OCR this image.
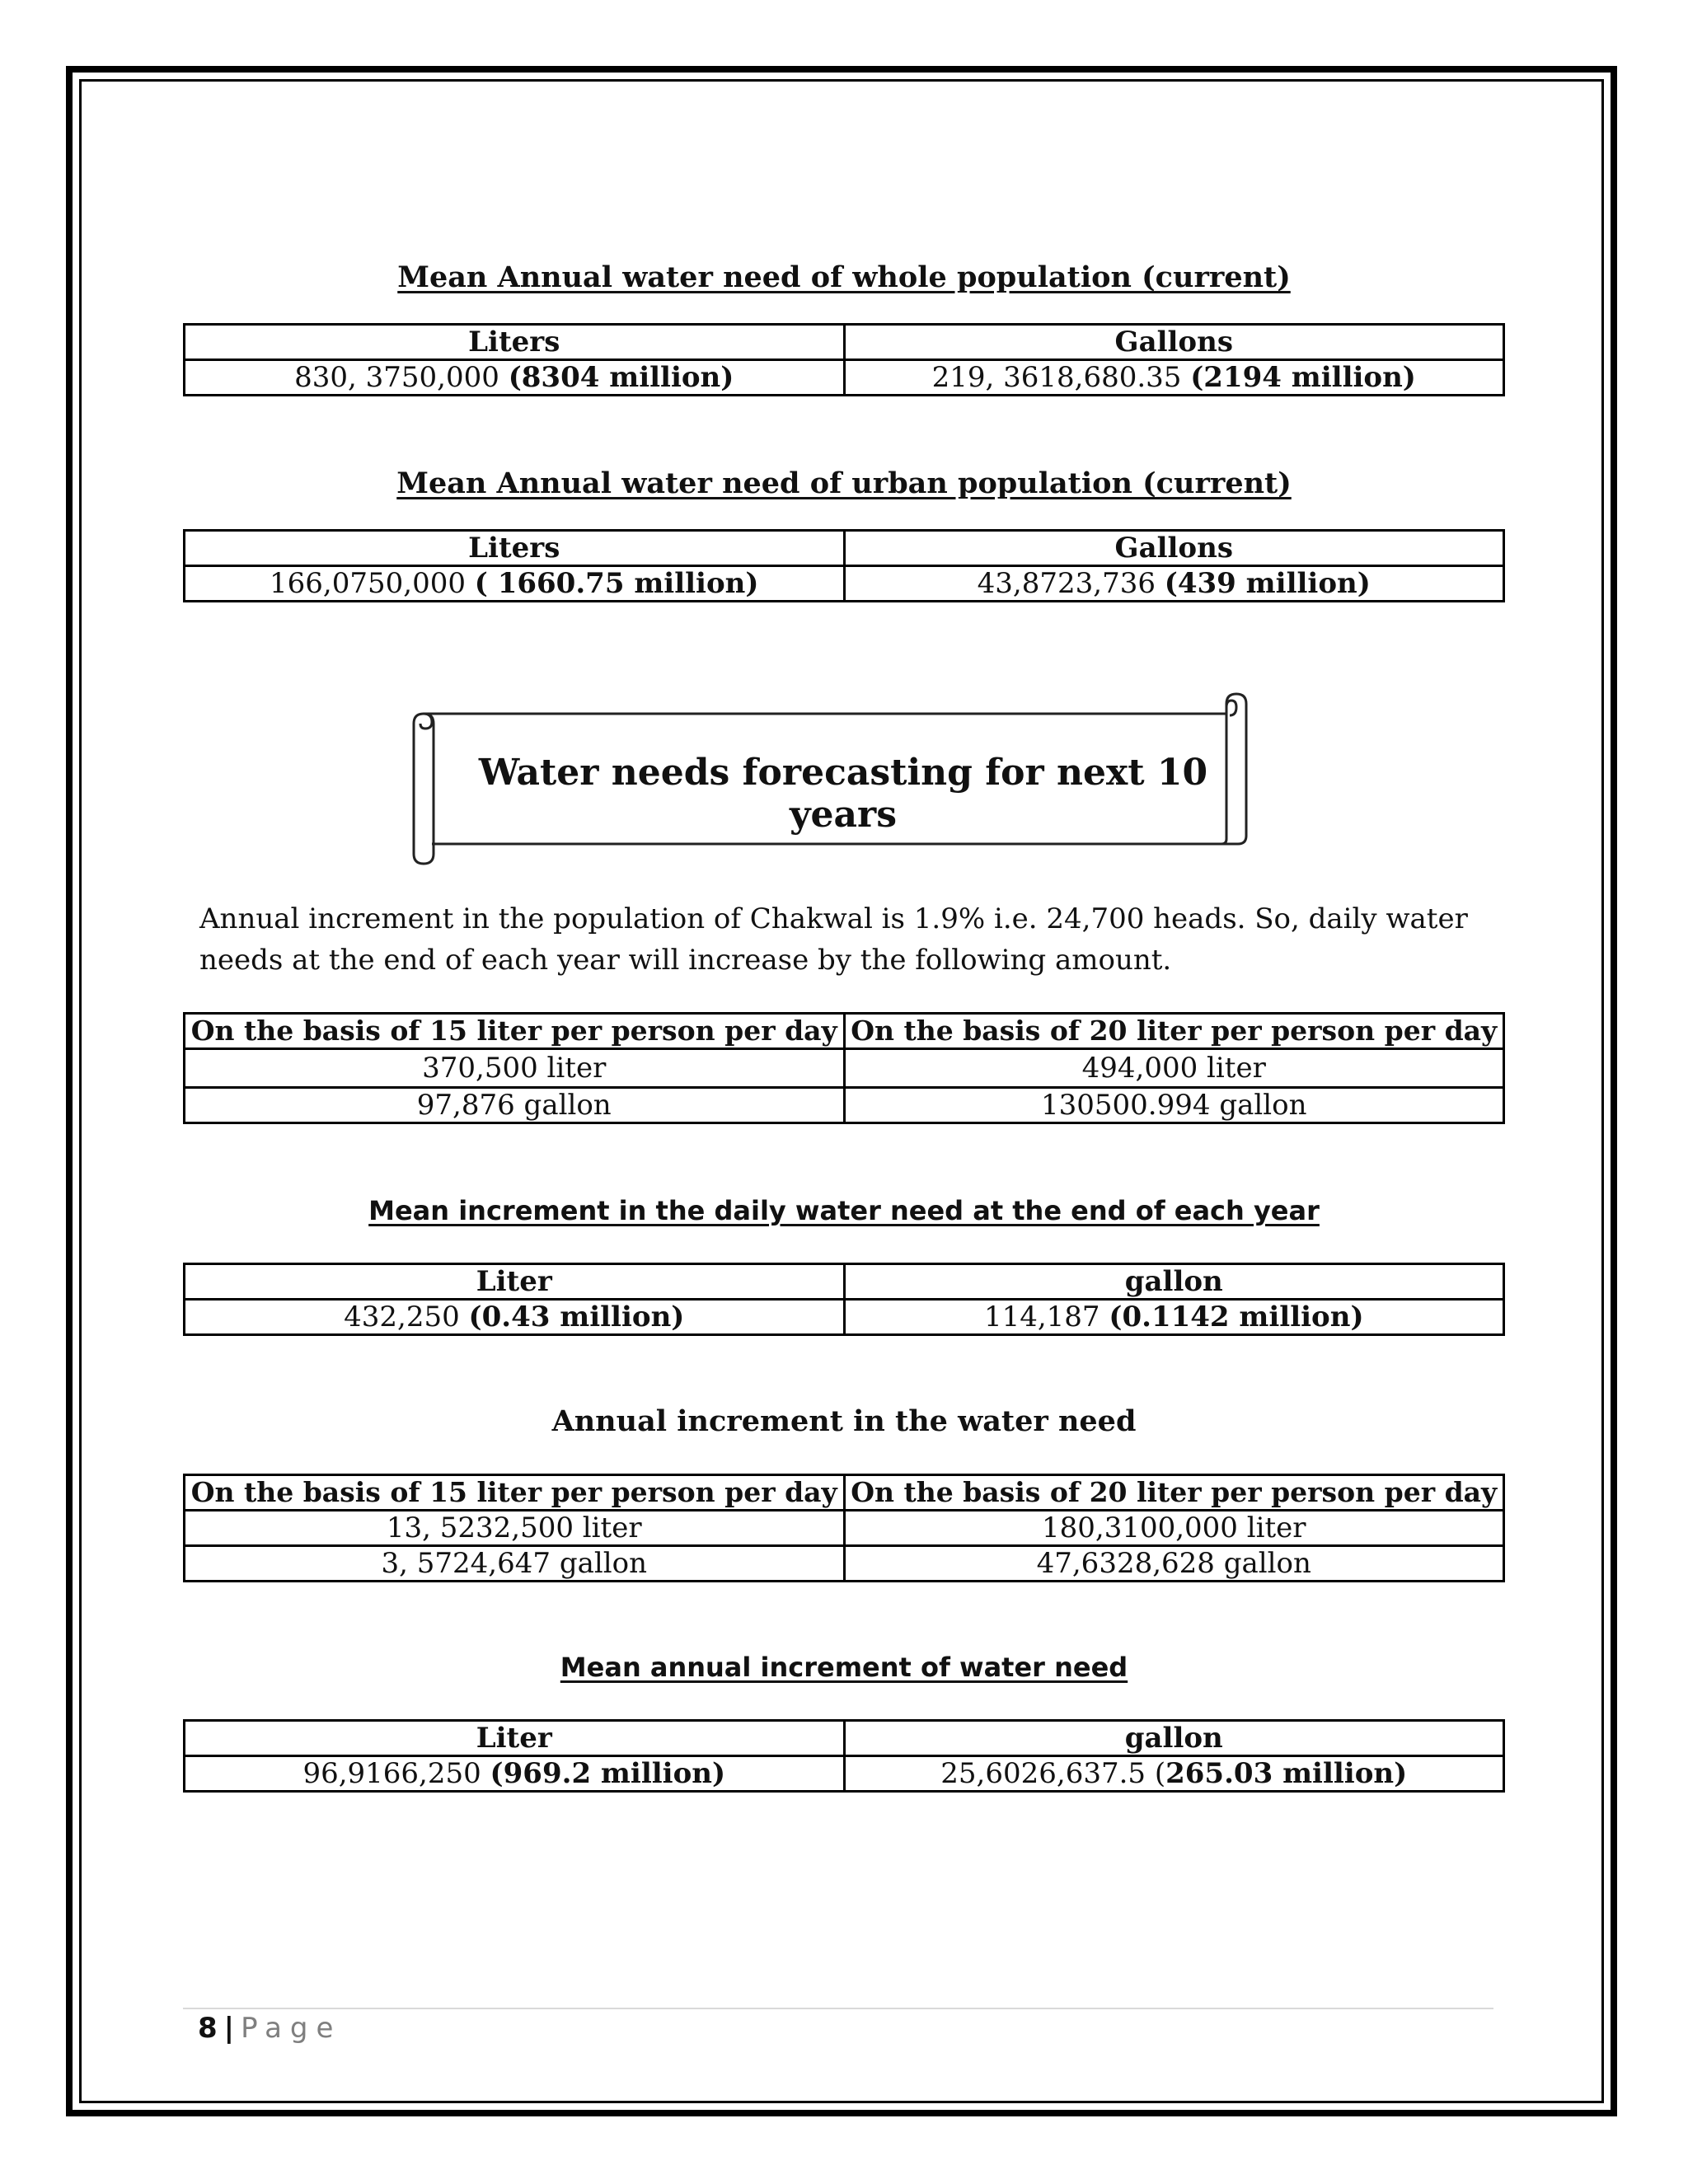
Mean Annual water need of whole population (current)

Liters	Gallons
830, 3750,000 (8304 million)	219, 3618,680.35 (2194 million)

Mean Annual water need of urban population (current)

Liters	Gallons
166,0750,000 ( 1660.75 million)	43,8723,736 (439 million)

Water needs forecasting for next 10 years

Annual increment in the population of Chakwal is 1.9% i.e. 24,700 heads. So, daily water needs at the end of each year will increase by the following amount.

On the basis of 15 liter per person per day	On the basis of 20 liter per person per day
370,500 liter	494,000 liter
97,876 gallon	130500.994 gallon

Mean increment in the daily water need at the end of each year

Liter	gallon
432,250 (0.43 million)	114,187 (0.1142 million)

Annual increment in the water need

On the basis of 15 liter per person per day	On the basis of 20 liter per person per day
13, 5232,500 liter	180,3100,000 liter
3, 5724,647 gallon	47,6328,628 gallon

Mean annual increment of water need

Liter	gallon
96,9166,250 (969.2 million)	25,6026,637.5 (265.03 million)
8 | Page
